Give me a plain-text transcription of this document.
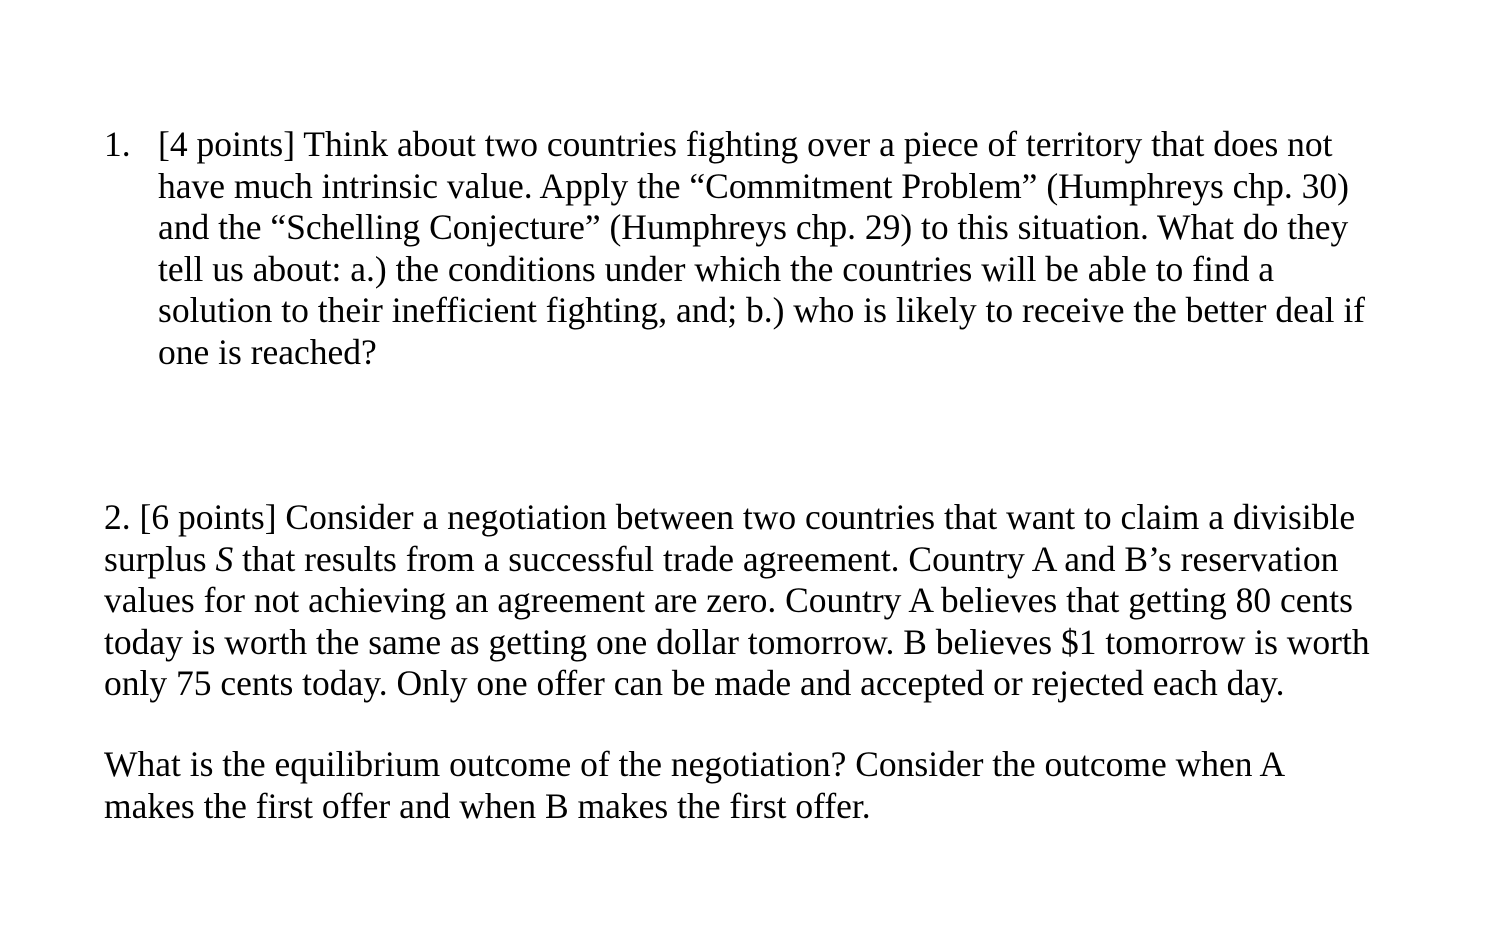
1. [4 points] Think about two countries fighting over a piece of territory that does not
have much intrinsic value. Apply the “Commitment Problem” (Humphreys chp. 30)
and the “Schelling Conjecture” (Humphreys chp. 29) to this situation. What do they
tell us about: a.) the conditions under which the countries will be able to find a
solution to their inefficient fighting, and; b.) who is likely to receive the better deal if
one is reached?
2. [6 points] Consider a negotiation between two countries that want to claim a divisible
surplus S that results from a successful trade agreement. Country A and B’s reservation
values for not achieving an agreement are zero. Country A believes that getting 80 cents
today is worth the same as getting one dollar tomorrow. B believes $1 tomorrow is worth
only 75 cents today. Only one offer can be made and accepted or rejected each day.
What is the equilibrium outcome of the negotiation? Consider the outcome when A
makes the first offer and when B makes the first offer.
